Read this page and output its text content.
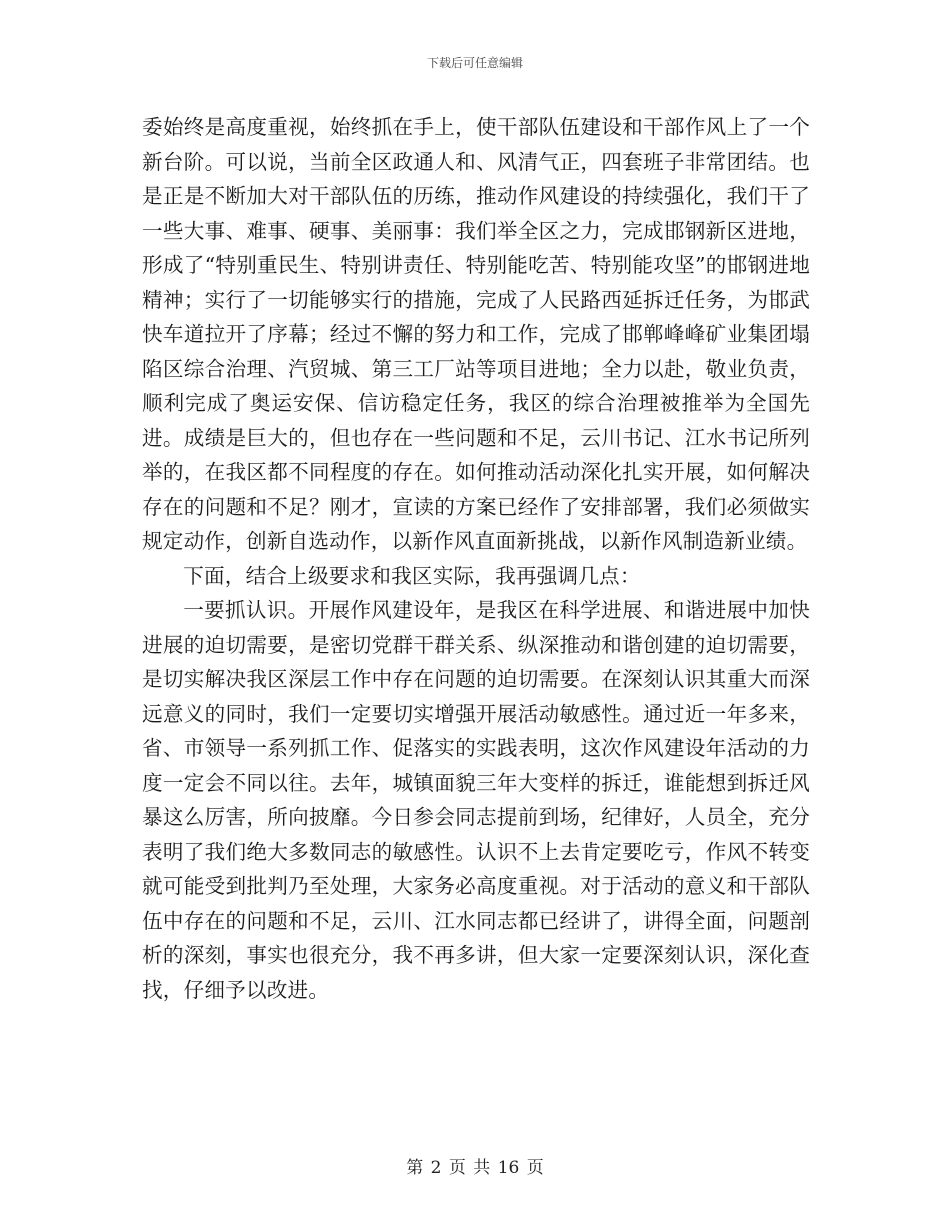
下载后可任意编辑

委始终是高度重视，始终抓在手上，使干部队伍建设和干部作风上了一个新台阶。可以说，当前全区政通人和、风清气正，四套班子非常团结。也是正是不断加大对干部队伍的历练，推动作风建设的持续强化，我们干了一些大事、难事、硬事、美丽事：我们举全区之力，完成邯钢新区进地，形成了“特别重民生、特别讲责任、特别能吃苦、特别能攻坚”的邯钢进地精神；实行了一切能够实行的措施，完成了人民路西延拆迁任务，为邯武快车道拉开了序幕；经过不懈的努力和工作，完成了邯郸峰峰矿业集团塌陷区综合治理、汽贸城、第三工厂站等项目进地；全力以赴，敬业负责，顺利完成了奥运安保、信访稳定任务，我区的综合治理被推举为全国先进。成绩是巨大的，但也存在一些问题和不足，云川书记、江水书记所列举的，在我区都不同程度的存在。如何推动活动深化扎实开展，如何解决存在的问题和不足？刚才，宣读的方案已经作了安排部署，我们必须做实规定动作，创新自选动作，以新作风直面新挑战，以新作风制造新业绩。

下面，结合上级要求和我区实际，我再强调几点：

一要抓认识。开展作风建设年，是我区在科学进展、和谐进展中加快进展的迫切需要，是密切党群干群关系、纵深推动和谐创建的迫切需要，是切实解决我区深层工作中存在问题的迫切需要。在深刻认识其重大而深远意义的同时，我们一定要切实增强开展活动敏感性。通过近一年多来，省、市领导一系列抓工作、促落实的实践表明，这次作风建设年活动的力度一定会不同以往。去年，城镇面貌三年大变样的拆迁，谁能想到拆迁风暴这么厉害，所向披靡。今日参会同志提前到场，纪律好，人员全，充分表明了我们绝大多数同志的敏感性。认识不上去肯定要吃亏，作风不转变就可能受到批判乃至处理，大家务必高度重视。对于活动的意义和干部队伍中存在的问题和不足，云川、江水同志都已经讲了，讲得全面，问题剖析的深刻，事实也很充分，我不再多讲，但大家一定要深刻认识，深化查找，仔细予以改进。

第 2 页 共 16 页
